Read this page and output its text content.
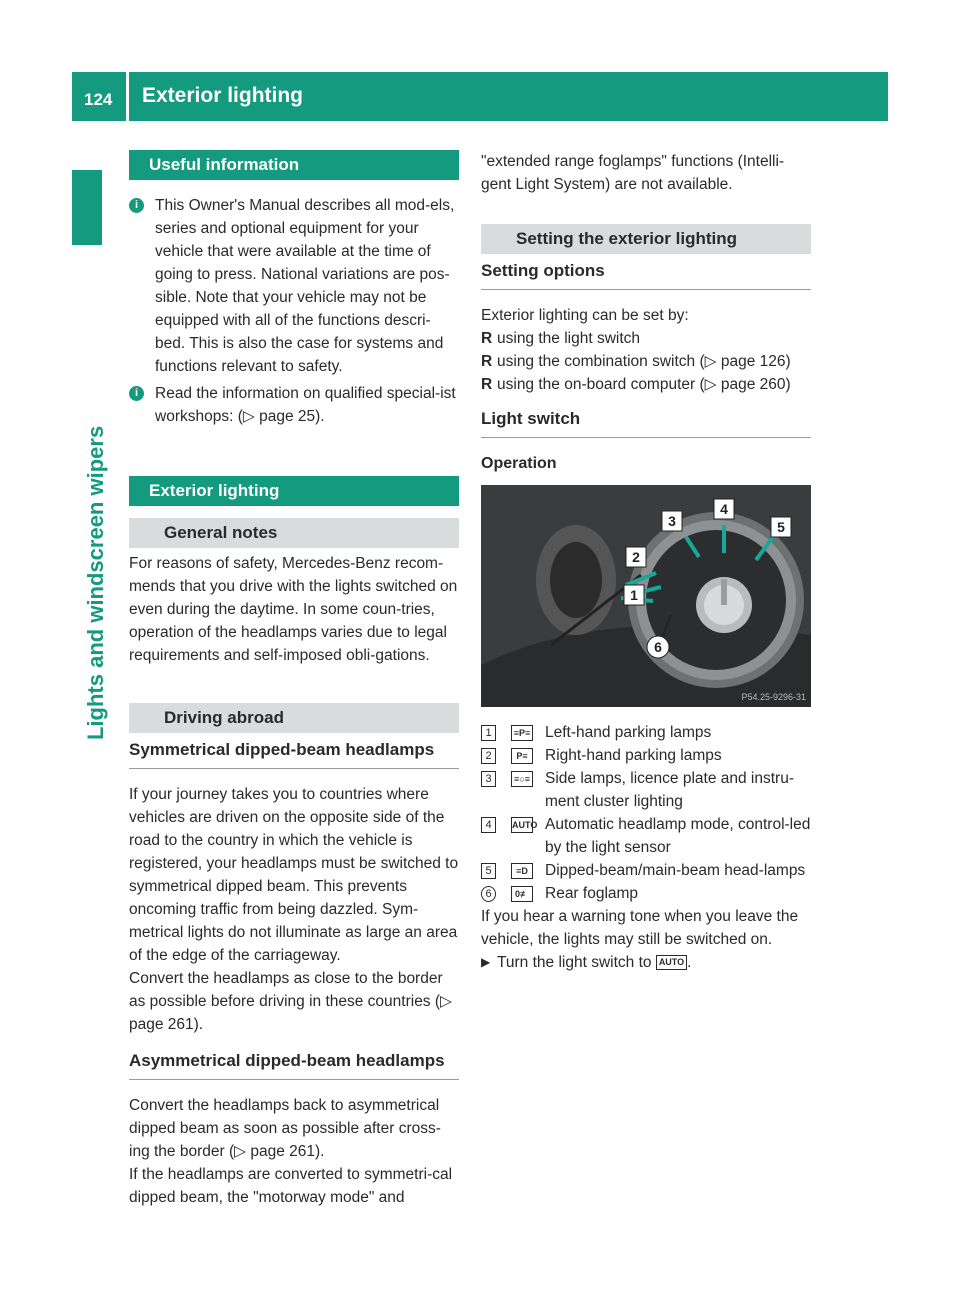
124 Exterior lighting
Lights and windscreen wipers
Useful information
i	This Owner's Manual describes all mod-els, series and optional equipment for your vehicle that were available at the time of going to press. National variations are pos-sible. Note that your vehicle may not be equipped with all of the functions descri-bed. This is also the case for systems and functions relevant to safety.

i	Read the information on qualified special-ist workshops: (▷ page 25).

Exterior lighting
General notes

For reasons of safety, Mercedes-Benz recom-mends that you drive with the lights switched on even during the daytime. In some coun-tries, operation of the headlamps varies due to legal requirements and self-imposed obli-gations.

Driving abroad
Symmetrical dipped-beam headlamps

If your journey takes you to countries where vehicles are driven on the opposite side of the road to the country in which the vehicle is registered, your headlamps must be switched to symmetrical dipped beam. This prevents oncoming traffic from being dazzled. Sym-metrical lights do not illuminate as large an area of the edge of the carriageway.

Convert the headlamps as close to the border as possible before driving in these countries (▷ page 261).

Asymmetrical dipped-beam headlamps

Convert the headlamps back to asymmetrical dipped beam as soon as possible after cross-ing the border (▷ page 261).

If the headlamps are converted to symmetri-cal dipped beam, the "motorway mode" and

"extended range foglamps" functions (Intelli-gent Light System) are not available.

Setting the exterior lighting
Setting options

Exterior lighting can be set by:

R using the light switch
R using the combination switch (▷ page 126)
R using the on-board computer (▷ page 260)
Light switch
Operation
1
2
3
4
5
6
P54.25-9296-31
1	≡P≡ Left-hand parking lamps
2	P≡	Right-hand parking lamps
3	≡○≡ Side lamps, licence plate and instru-ment cluster lighting
4	AUTO Automatic headlamp mode, control-led by the light sensor
5	≡D	Dipped-beam/main-beam head-lamps
6	0≢ Rear foglamp

If you hear a warning tone when you leave the vehicle, the lights may still be switched on.

▶ Turn the light switch to AUTO .
